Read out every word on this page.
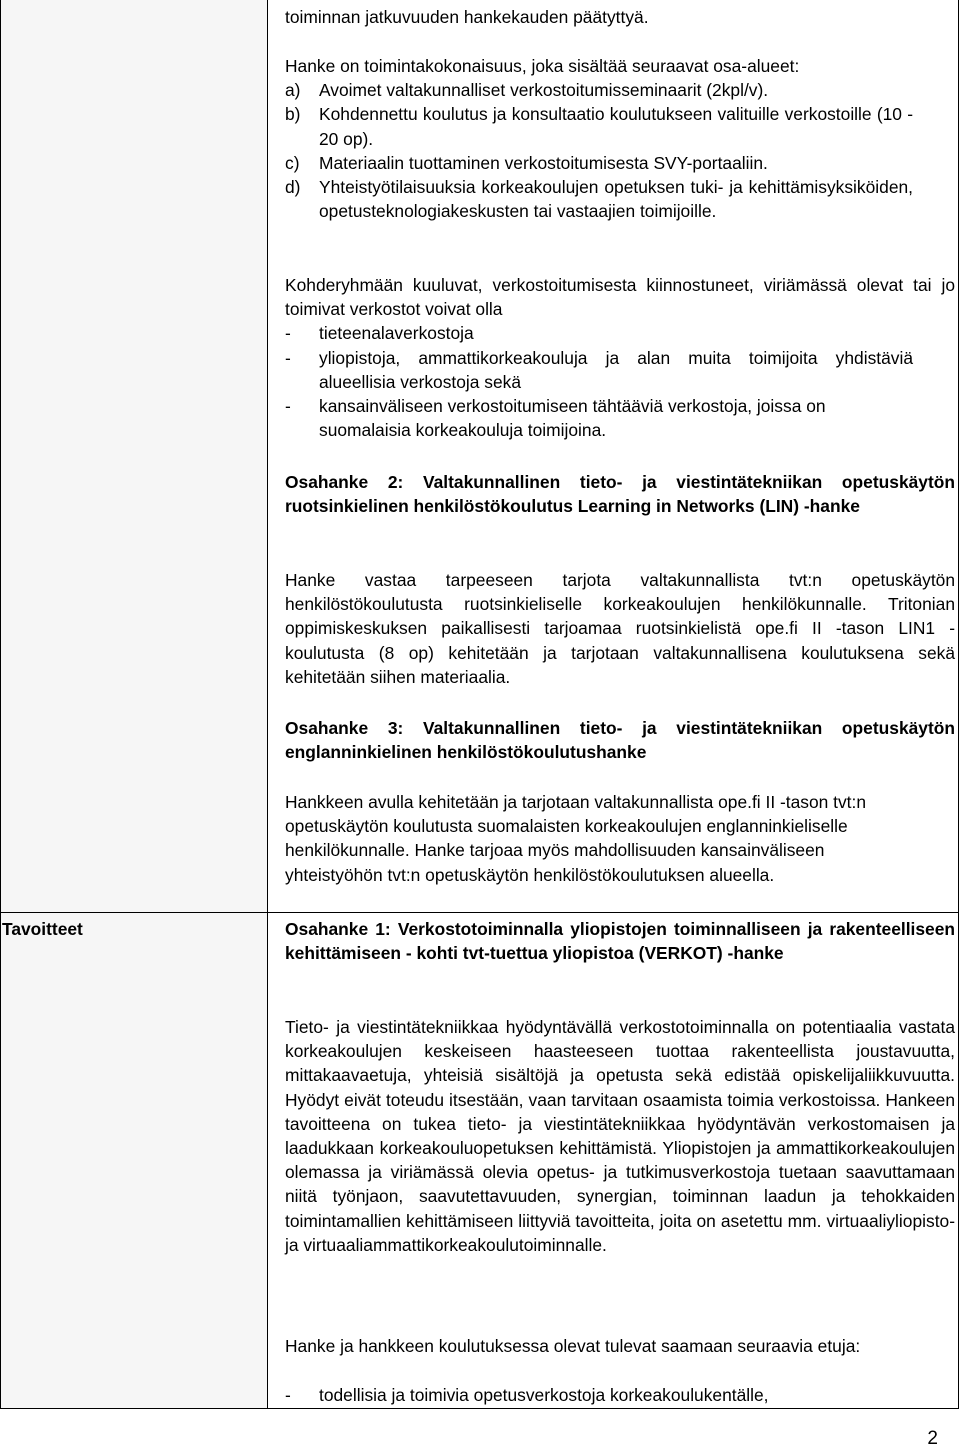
Tavoitteet

toiminnan jatkuvuuden hankekauden päätyttyä.

Hanke on toimintakokonaisuus, joka sisältää seuraavat osa-alueet:

a) Avoimet valtakunnalliset verkostoitumisseminaarit (2kpl/v).

b) Kohdennettu koulutus ja konsultaatio koulutukseen valituille verkostoille (10 - 20 op).

c) Materiaalin tuottaminen verkostoitumisesta SVY-portaaliin.

d) Yhteistyötilaisuuksia korkeakoulujen opetuksen tuki- ja kehittämisyksiköiden, opetusteknologiakeskusten tai vastaajien toimijoille.

Kohderyhmään kuuluvat, verkostoitumisesta kiinnostuneet, viriämässä olevat tai jo toimivat verkostot voivat olla

- tieteenalaverkostoja

- yliopistoja, ammattikorkeakouluja ja alan muita toimijoita yhdistäviä alueellisia verkostoja sekä

- kansainväliseen verkostoitumiseen tähtääviä verkostoja, joissa on suomalaisia korkeakouluja toimijoina.

Osahanke 2: Valtakunnallinen tieto- ja viestintätekniikan opetuskäytön ruotsinkielinen henkilöstökoulutus Learning in Networks (LIN) -hanke

Hanke vastaa tarpeeseen tarjota valtakunnallista tvt:n opetuskäytön henkilöstökoulutusta ruotsinkieliselle korkeakoulujen henkilökunnalle. Tritonian oppimiskeskuksen paikallisesti tarjoamaa ruotsinkielistä ope.fi II -tason LIN1 -koulutusta (8 op) kehitetään ja tarjotaan valtakunnallisena koulutuksena sekä kehitetään siihen materiaalia.

Osahanke 3: Valtakunnallinen tieto- ja viestintätekniikan opetuskäytön englanninkielinen henkilöstökoulutushanke

Hankkeen avulla kehitetään ja tarjotaan valtakunnallista ope.fi II -tason tvt:n opetuskäytön koulutusta suomalaisten korkeakoulujen englanninkieliselle henkilökunnalle. Hanke tarjoaa myös mahdollisuuden kansainväliseen yhteistyöhön tvt:n opetuskäytön henkilöstökoulutuksen alueella.

Osahanke 1: Verkostotoiminnalla yliopistojen toiminnalliseen ja rakenteelliseen kehittämiseen - kohti tvt-tuettua yliopistoa (VERKOT) -hanke

Tieto- ja viestintätekniikkaa hyödyntävällä verkostotoiminnalla on potentiaalia vastata korkeakoulujen keskeiseen haasteeseen tuottaa rakenteellista joustavuutta, mittakaavaetuja, yhteisiä sisältöjä ja opetusta sekä edistää opiskelijaliikkuvuutta. Hyödyt eivät toteudu itsestään, vaan tarvitaan osaamista toimia verkostoissa. Hankeen tavoitteena on tukea tieto- ja viestintätekniikkaa hyödyntävän verkostomaisen ja laadukkaan korkeakouluopetuksen kehittämistä. Yliopistojen ja ammattikorkeakoulujen olemassa ja viriämässä olevia opetus- ja tutkimusverkostoja tuetaan saavuttamaan niitä työnjaon, saavutettavuuden, synergian, toiminnan laadun ja tehokkaiden toimintamallien kehittämiseen liittyviä tavoitteita, joita on asetettu mm. virtuaaliyliopisto- ja virtuaaliammattikorkeakoulutoiminnalle.

Hanke ja hankkeen koulutuksessa olevat tulevat saamaan seuraavia etuja:

- todellisia ja toimivia opetusverkostoja korkeakoulukentälle,

2
